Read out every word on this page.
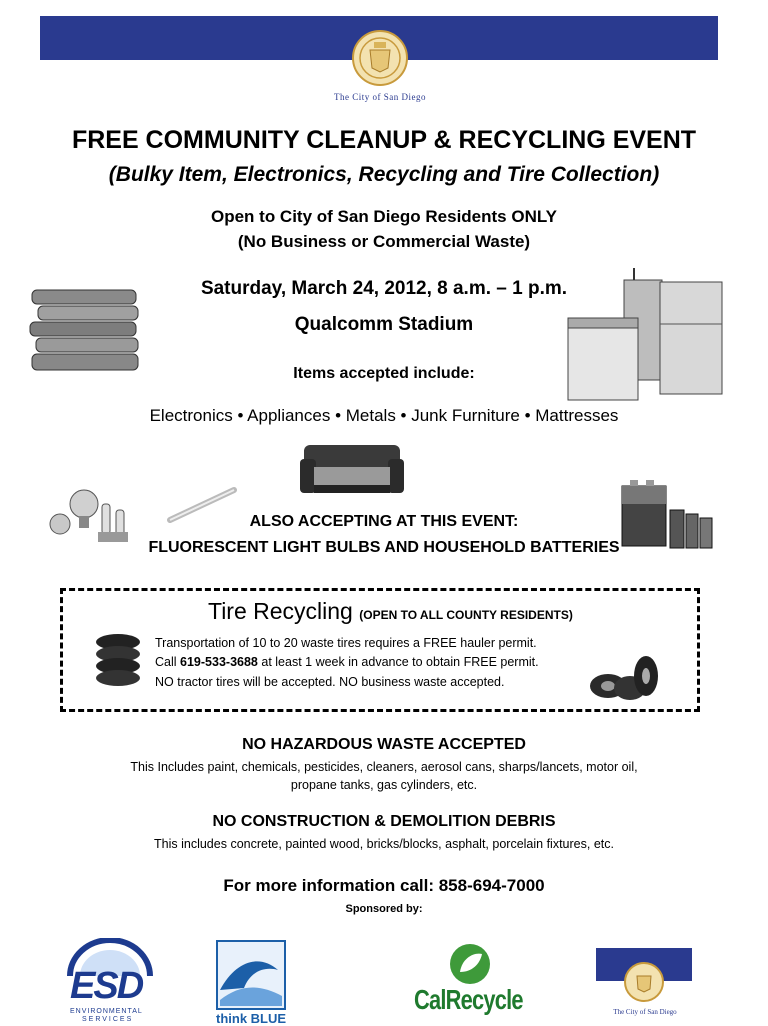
The City of San Diego
FREE COMMUNITY CLEANUP & RECYCLING EVENT
(Bulky Item, Electronics, Recycling and Tire Collection)
Open to City of San Diego Residents ONLY
(No Business or Commercial Waste)
Saturday, March 24, 2012, 8 a.m. – 1 p.m.
Qualcomm Stadium
Items accepted include:
Electronics • Appliances • Metals • Junk Furniture • Mattresses
ALSO ACCEPTING AT THIS EVENT:
FLUORESCENT LIGHT BULBS AND HOUSEHOLD BATTERIES
Tire Recycling (OPEN TO ALL COUNTY RESIDENTS)
Transportation of 10 to 20 waste tires requires a FREE hauler permit.
Call 619-533-3688 at least 1 week in advance to obtain FREE permit.
NO tractor tires will be accepted. NO business waste accepted.
NO HAZARDOUS WASTE ACCEPTED
This Includes paint, chemicals, pesticides, cleaners, aerosol cans, sharps/lancets, motor oil,
propane tanks, gas cylinders, etc.
NO CONSTRUCTION & DEMOLITION DEBRIS
This includes concrete, painted wood, bricks/blocks, asphalt, porcelain fixtures, etc.
For more information call: 858-694-7000
Sponsored by:
ESD
ENVIRONMENTAL
SERVICES	think BLUE
CalRecycle	The City of San Diego
